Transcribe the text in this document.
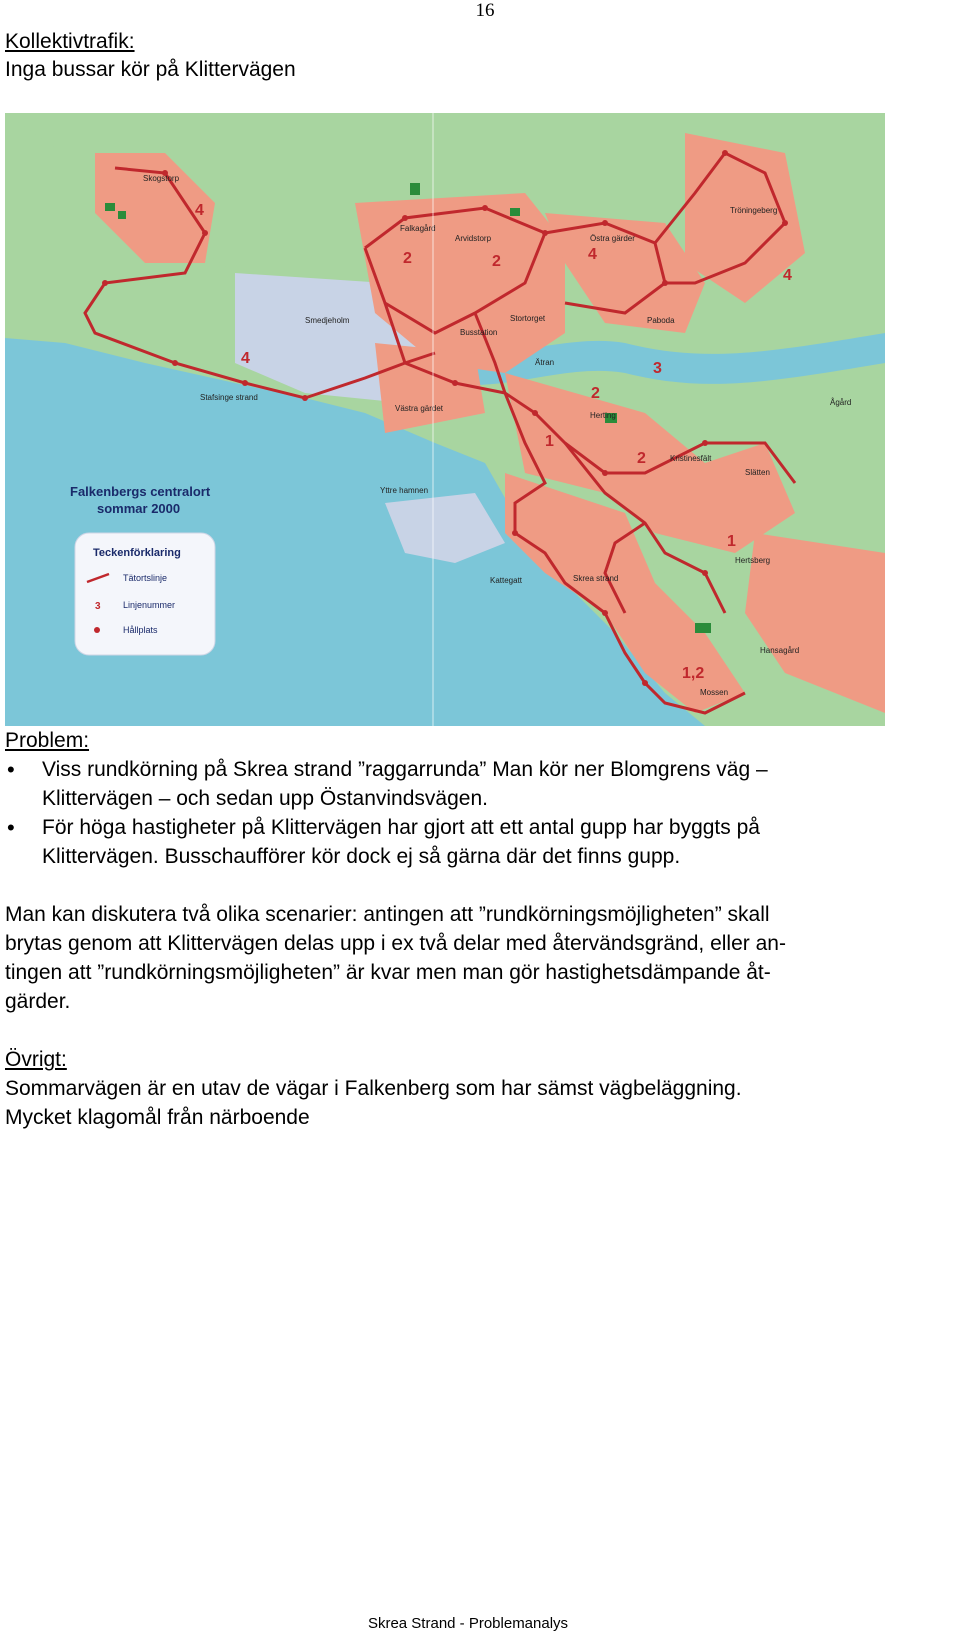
16
Kollektivtrafik:
Inga bussar kör på Klittervägen
Skogstorp
Falkagård
Arvidstorp	Östra gärder
Tröningeberg
Smedjeholm
Stafsinge strand
Västra gärdet
Stortorget
Busstation
Ätran
Herting
Yttre hamnen
Kattegatt	Skrea strand
Hertsberg
Hansagård
Mossen
Slätten
Ågård
Paboda
Kristinesfält
4
2	2	4
4
4
3
1
2
2
1
1,2
Falkenbergs centralort
sommar 2000
Teckenförklaring
3
Tätortslinje
Linjenummer
Hållplats
Problem:
• Viss rundkörning på Skrea strand ”raggarrunda” Man kör ner Blomgrens väg –
Klittervägen – och sedan upp Östanvindsvägen.
• För höga hastigheter på Klittervägen har gjort att ett antal gupp har byggts på
Klittervägen. Busschaufförer kör dock ej så gärna där det finns gupp.
Man kan diskutera två olika scenarier: antingen att ”rundkörningsmöjligheten” skall
brytas genom att Klittervägen delas upp i ex två delar med återvändsgränd, eller an-
tingen att ”rundkörningsmöjligheten” är kvar men man gör hastighetsdämpande åt-
gärder.
Övrigt:
Sommarvägen är en utav de vägar i Falkenberg som har sämst vägbeläggning.
Mycket klagomål från närboende
Skrea Strand - Problemanalys
